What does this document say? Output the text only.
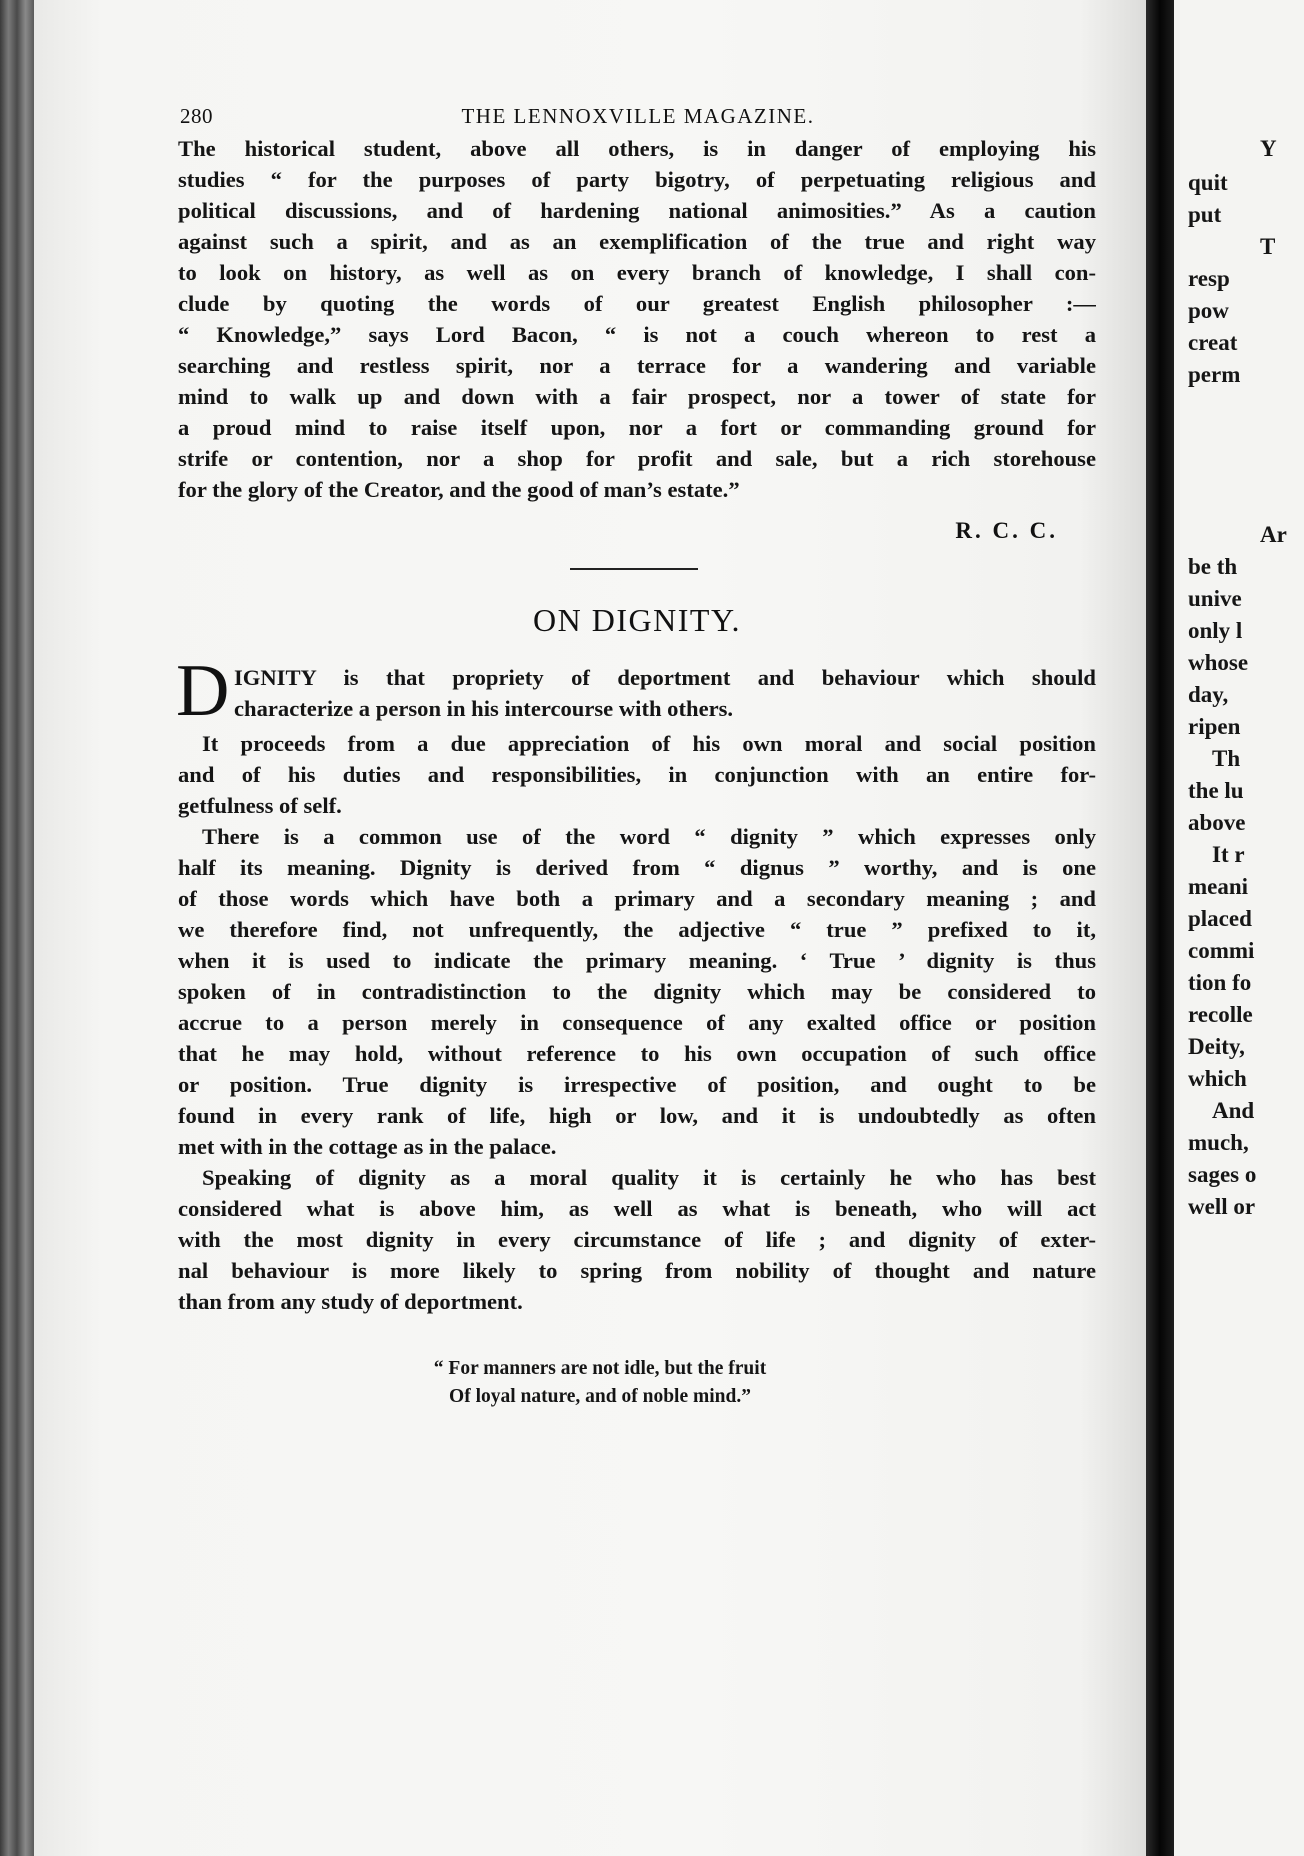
280	THE LENNOXVILLE MAGAZINE.
The historical student, above all others, is in danger of employing his
studies “ for the purposes of party bigotry, of perpetuating religious and
political discussions, and of hardening national animosities.” As a caution
against such a spirit, and as an exemplification of the true and right way
to look on history, as well as on every branch of knowledge, I shall con-
clude by quoting the words of our greatest English philosopher :—
“ Knowledge,” says Lord Bacon, “ is not a couch whereon to rest a
searching and restless spirit, nor a terrace for a wandering and variable
mind to walk up and down with a fair prospect, nor a tower of state for
a proud mind to raise itself upon, nor a fort or commanding ground for
strife or contention, nor a shop for profit and sale, but a rich storehouse
for the glory of the Creator, and the good of man’s estate.”
R. C. C.
ON DIGNITY.
D IGNITY is that propriety of deportment and behaviour which should
characterize a person in his intercourse with others.
It proceeds from a due appreciation of his own moral and social position
and of his duties and responsibilities, in conjunction with an entire for-
getfulness of self.
There is a common use of the word “ dignity ” which expresses only
half its meaning. Dignity is derived from “ dignus ” worthy, and is one
of those words which have both a primary and a secondary meaning ; and
we therefore find, not unfrequently, the adjective “ true ” prefixed to it,
when it is used to indicate the primary meaning. ‘ True ’ dignity is thus
spoken of in contradistinction to the dignity which may be considered to
accrue to a person merely in consequence of any exalted office or position
that he may hold, without reference to his own occupation of such office
or position. True dignity is irrespective of position, and ought to be
found in every rank of life, high or low, and it is undoubtedly as often
met with in the cottage as in the palace.
Speaking of dignity as a moral quality it is certainly he who has best
considered what is above him, as well as what is beneath, who will act
with the most dignity in every circumstance of life ; and dignity of exter-
nal behaviour is more likely to spring from nobility of thought and nature
than from any study of deportment.
“ For manners are not idle, but the fruit
Of loyal nature, and of noble mind.”
Y
quit
put
T
resp
pow
creat
perm
Ar
be th
unive
only l
whose
day,
ripen
Th
the lu
above
It r
meani
placed
commi
tion fo
recolle
Deity,
which
And
much,
sages o
well or
